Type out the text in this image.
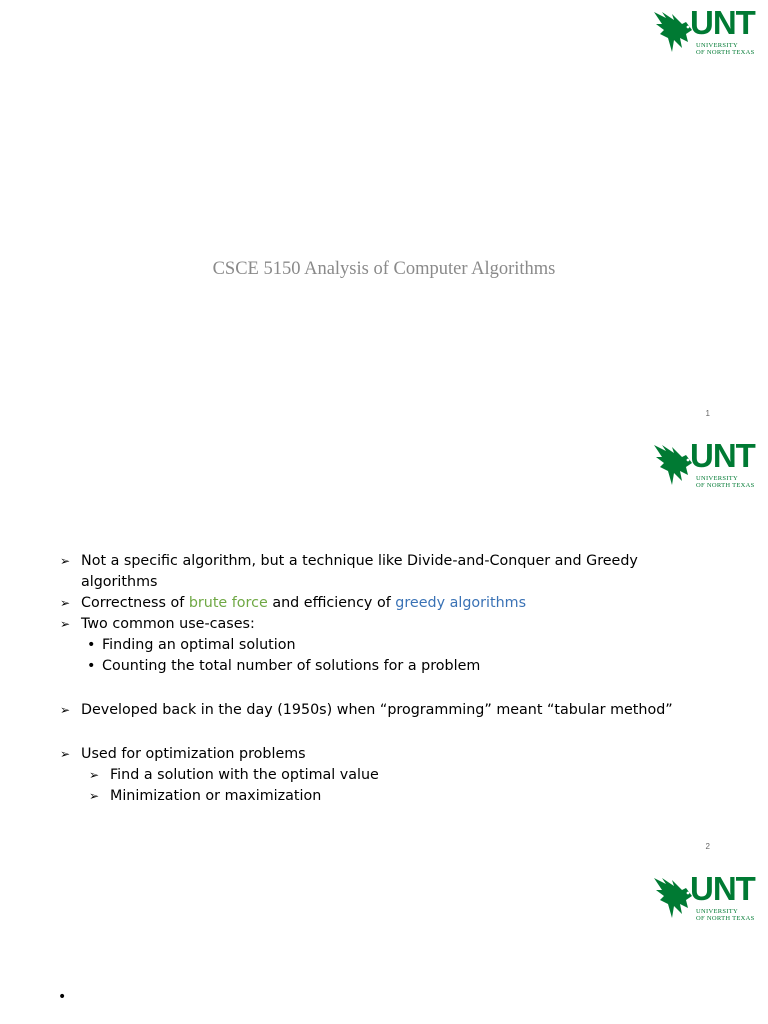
UNT
UNIVERSITY
OF NORTH TEXAS
CSCE 5150 Analysis of Computer Algorithms
1
UNT
UNIVERSITY
OF NORTH TEXAS
➢ Not a specific algorithm, but a technique like Divide-and-Conquer and Greedy algorithms
➢ Correctness of brute force and efficiency of greedy algorithms
➢ Two common use-cases:
• Finding an optimal solution
• Counting the total number of solutions for a problem
➢ Developed back in the day (1950s) when “programming” meant “tabular method”
➢ Used for optimization problems
➢ Find a solution with the optimal value
➢ Minimization or maximization
2
UNT
UNIVERSITY
OF NORTH TEXAS
•
